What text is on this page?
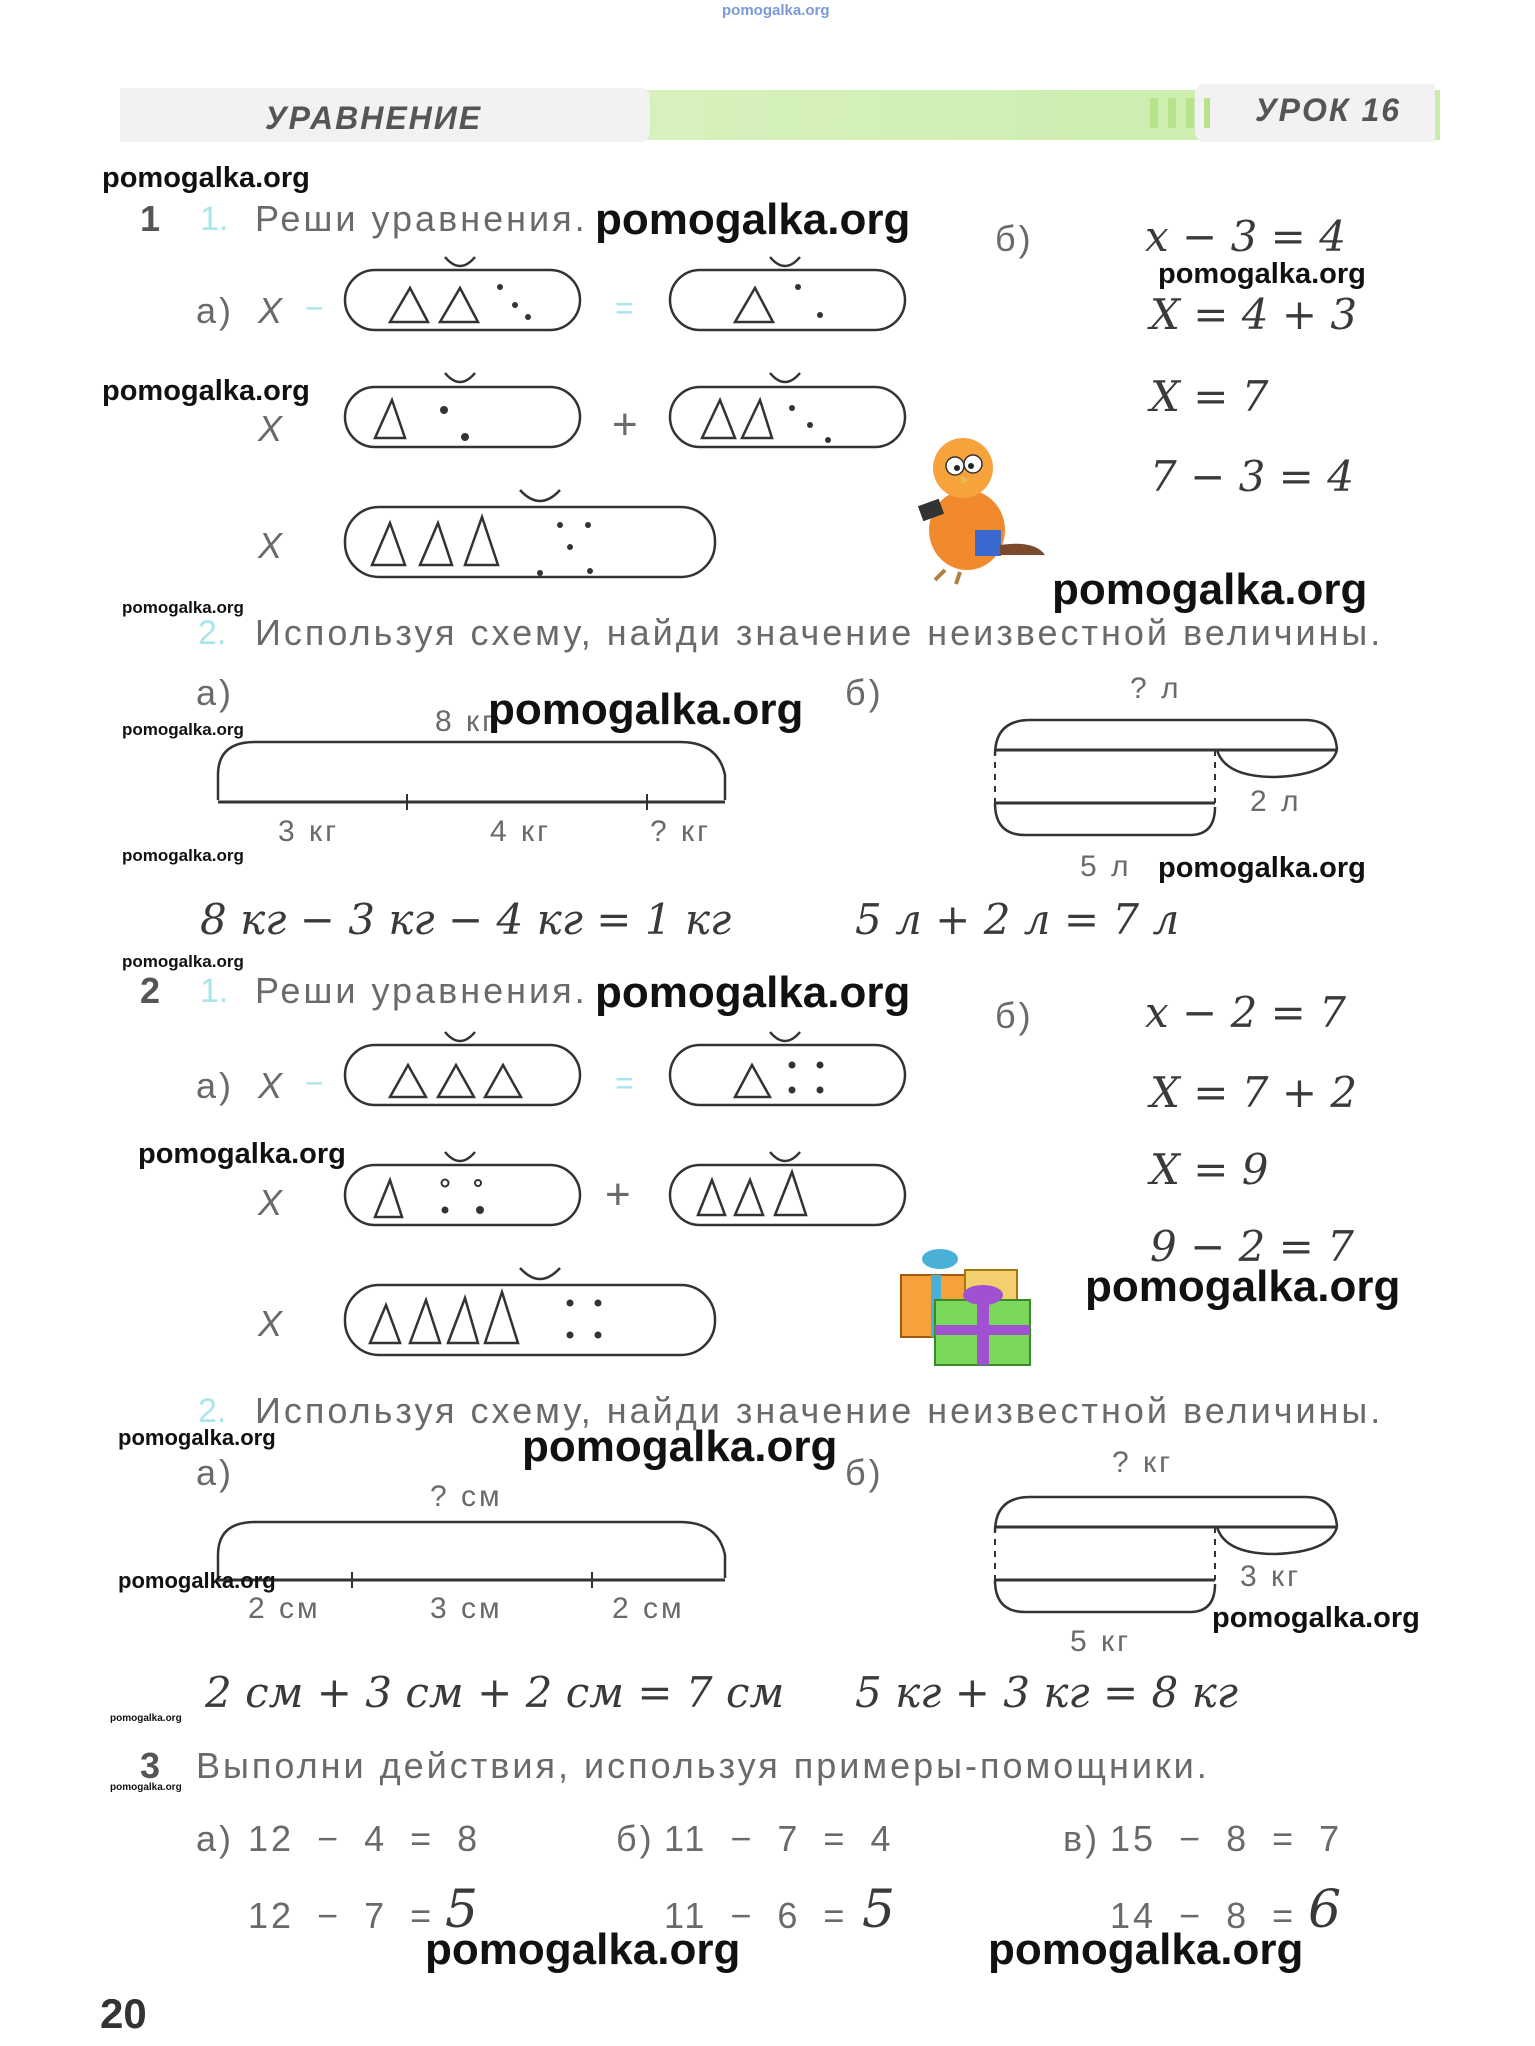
pomogalka.org
УРАВНЕНИЕ	УРОК 16
1 1. Реши уравнения.	б)
а) X −	=
X	+
X
x − 3 = 4
X = 4 + 3
X = 7
7 − 3 = 4
2. Используя схему, найди значение неизвестной величины.
а)	б)
8 кг
3 кг	4 кг	? кг
? л
2 л
5 л
8 кг − 3 кг − 4 кг = 1 кг	5 л + 2 л = 7 л
2 1. Реши уравнения.
б)
а) X −	=
X	+
X
x − 2 = 7
X = 7 + 2
X = 9
9 − 2 = 7
2. Используя схему, найди значение неизвестной величины.
а)	б)
? см
2 см	3 см	2 см
? кг
3 кг
5 кг
2 см + 3 см + 2 см = 7 см 5 кг + 3 кг = 8 кг
3 Выполни действия, используя примеры-помощники.
а) 12 − 4 = 8
12 − 7 = 5
б) 11 − 7 = 4
11 − 6 = 5
в) 15 − 8 = 7
14 − 8 = 6
20
pomogalka.org
pomogalka.org
pomogalka.org
pomogalka.org
pomogalka.org
pomogalka.org
pomogalka.org	pomogalka.org
pomogalka.org	pomogalka.org
pomogalka.org
pomogalka.org
pomogalka.org
pomogalka.org
pomogalka.org	pomogalka.org
pomogalka.org
pomogalka.org
pomogalka.org
pomogalka.org
pomogalka.org	pomogalka.org
